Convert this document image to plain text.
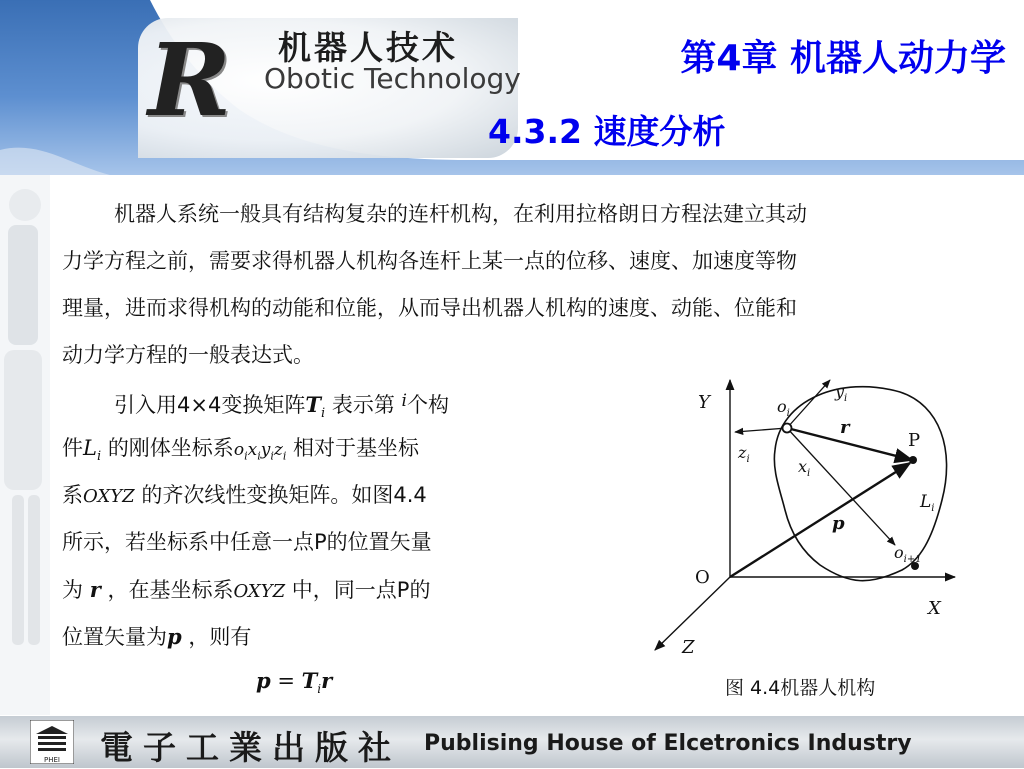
R 机器人技术
Obotic Technology	第4章 机器人动力学
4.3.2 速度分析
机器人系统一般具有结构复杂的连杆机构，在利用拉格朗日方程法建立其动
力学方程之前，需要求得机器人机构各连杆上某一点的位移、速度、加速度等物
理量，进而求得机构的动能和位能，从而导出机器人机构的速度、动能、位能和
动力学方程的一般表达式。
引入用4×4变换矩阵$T_i$ 表示第 $^i$个构
件$L_i$ 的刚体坐标系$o_ix_iy_iz_i$ 相对于基坐标
系OXYZ 的齐次线性变换矩阵。如图4.4
所示，若坐标系中任意一点P的位置矢量
为 r ，在基坐标系OXYZ 中，同一点P的
位置矢量为p ，则有
$p = T_ir$
Y
X
Z
O
P
$o_i$
$y_i$
$z_i$	$x_i$
r
p
$L_i$
$o_{i+1}$
图 4.4机器人机构
PHEI 電子工業出版社 Publising House of Elcetronics Industry
